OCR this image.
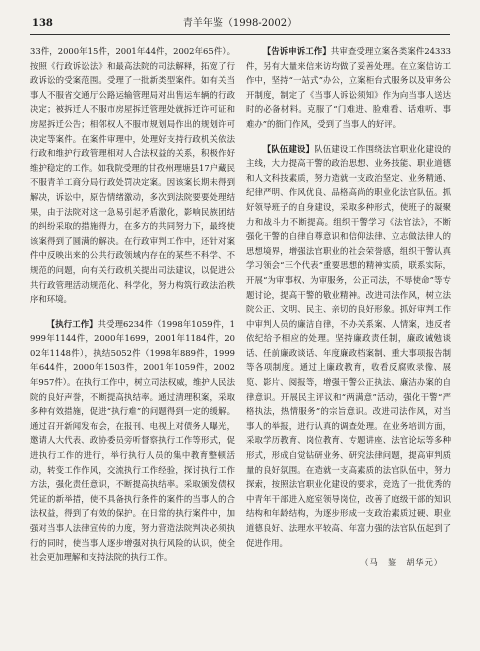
138	青羊年鉴（1998-2002）

33件，2000年15件，2001年44件，2002年65件）。按照《行政诉讼法》和最高法院的司法解释，拓宽了行政诉讼的受案范围。受理了一批新类型案件。如有关当事人不服省交通厅公路运输管理局对出售运车辆的行政决定；被拆迁人不服市房屋拆迁管理处就拆迁许可证和房屋拆迁公告；相邻权人不服市规划局作出的规划许可决定等案件。在案件审理中，处理好支持行政机关依法行政和维护行政管理相对人合法权益的关系，积极作好维护稳定的工作。如我院受理的甘孜州理塘县17户藏民不服青羊工商分局行政处罚决定案。因该案长期未得到解决，诉讼中，原告情绪激动，多次到法院要要处理结果，由于法院对这一急易引起矛盾激化，影响民族团结的纠纷采取的措施得力，在多方的共同努力下，最终使该案得到了圆满的解决。在行政审判工作中，还针对案件中反映出来的公共行政领域内存在的某些不科学、不规范的问题，向有关行政机关提出司法建议，以促进公共行政管理活动规范化、科学化，努力构筑行政法治秩序和环境。

【执行工作】共受理6234件（1998年1059件，1999年1144件，2000年1699，2001年1184件，2002年1148件），执结5052件（1998年889件，1999年644件，2000年1503件，2001年1059件，2002年957件）。在执行工作中，树立司法权威，维护人民法院的良好声誉，不断提高执结率。通过清理积案，采取多种有效措施，促进“执行难”的问题得到一定的缓解。通过召开新闻发布会，在报刊、电视上对债务人曝光，邀请人大代表、政协委员旁听督察执行工作等形式，促进执行工作的进行，举行执行人员的集中教育整顿活动，转变工作作风，交流执行工作经验，探讨执行工作方法，强化责任意识，不断提高执结率。采取颁发债权凭证的新举措，使不具备执行条件的案件的当事人的合法权益，得到了有效的保护。在日常的执行案件中，加强对当事人法律宣传的力度，努力营造法院判决必须执行的同时，使当事人逐步增强对执行风险的认识，使全社会更加理解和支持法院的执行工作。

【告诉申诉工作】共审查受理立案各类案件24333件，另有大量来信来访均做了妥善处理。在立案信访工作中，坚持“一站式”办公，立案柜台式服务以及审务公开制度，制定了《当事人诉讼须知》作为向当事人送达时的必备材料。克服了“门难进、脸难看、话难听、事难办”的衙门作风，受到了当事人的好评。

【队伍建设】队伍建设工作围绕法官职业化建设的主线，大力提高干警的政治思想、业务技能、职业道德和人文科技素质，努力造就一支政治坚定、业务精通、纪律严明、作风优良、品格高尚的职业化法官队伍。抓好领导班子的自身建设，采取多种形式，使班子的凝聚力和战斗力不断提高。组织干警学习《法官法》，不断强化干警的自律自尊意识和信仰法律、立志做法律人的思想境界，增强法官职业的社会荣誉感，组织干警认真学习领会“三个代表”重要思想的精神实质，联系实际，开展“为审事权、为审服务，公正司法，不辱使命”等专题讨论，提高干警的敬业精神。改进司法作风，树立法院公正、文明、民主、亲切的良好形象。抓好审判工作中审判人员的廉洁自律，不办关系案、人情案，违反者依纪给予相应的处理。坚持廉政责任制，廉政诫勉谈话、任前廉政谈话、年度廉政档案制、重大事项报告制等各项制度。通过上廉政教育，收看反腐败录像、展览、影片、阅报等，增强干警公正执法、廉洁办案的自律意识。开展民主评议和“两满意”活动，强化干警“严格执法，热情服务”的宗旨意识。改进司法作风，对当事人的举报，进行认真的调查处理。在业务培训方面，采取学历教育、岗位教育、专题讲座、法官论坛等多种形式，形成自觉钻研业务、研究法律问题，提高审判质量的良好氛围。在造就一支高素质的法官队伍中，努力探索，按照法官职业化建设的要求，竞选了一批优秀的中青年干部进入庭室领导岗位，改善了庭级干部的知识结构和年龄结构，为逐步形成一支政治素质过硬、职业道德良好、法理水平较高、年富力强的法官队伍起到了促进作用。

（马　鉴　胡华元）
